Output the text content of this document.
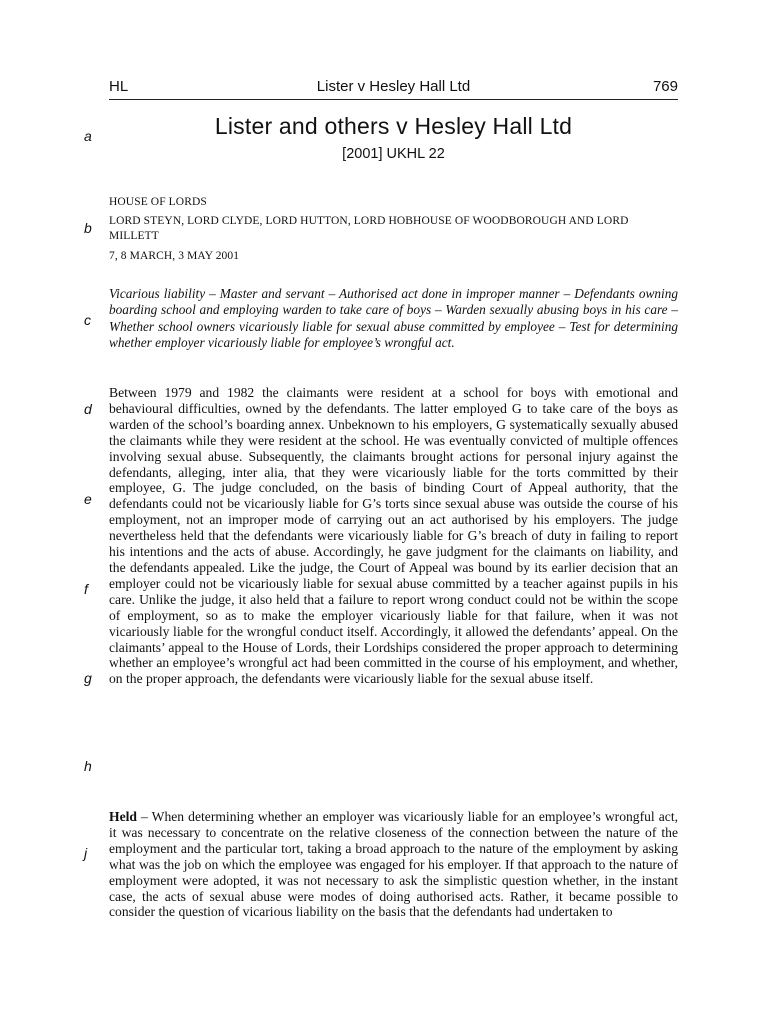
HL	Lister v Hesley Hall Ltd	769
Lister and others v Hesley Hall Ltd
[2001] UKHL 22
HOUSE OF LORDS
LORD STEYN, LORD CLYDE, LORD HUTTON, LORD HOBHOUSE OF WOODBOROUGH AND LORD MILLETT
7, 8 MARCH, 3 MAY 2001
Vicarious liability – Master and servant – Authorised act done in improper manner – Defendants owning boarding school and employing warden to take care of boys – Warden sexually abusing boys in his care – Whether school owners vicariously liable for sexual abuse committed by employee – Test for determining whether employer vicariously liable for employee’s wrongful act.
Between 1979 and 1982 the claimants were resident at a school for boys with emotional and behavioural difficulties, owned by the defendants. The latter employed G to take care of the boys as warden of the school’s boarding annex. Unbeknown to his employers, G systematically sexually abused the claimants while they were resident at the school. He was eventually convicted of multiple offences involving sexual abuse. Subsequently, the claimants brought actions for personal injury against the defendants, alleging, inter alia, that they were vicariously liable for the torts committed by their employee, G. The judge concluded, on the basis of binding Court of Appeal authority, that the defendants could not be vicariously liable for G’s torts since sexual abuse was outside the course of his employment, not an improper mode of carrying out an act authorised by his employers. The judge nevertheless held that the defendants were vicariously liable for G’s breach of duty in failing to report his intentions and the acts of abuse. Accordingly, he gave judgment for the claimants on liability, and the defendants appealed. Like the judge, the Court of Appeal was bound by its earlier decision that an employer could not be vicariously liable for sexual abuse committed by a teacher against pupils in his care. Unlike the judge, it also held that a failure to report wrong conduct could not be within the scope of employment, so as to make the employer vicariously liable for that failure, when it was not vicariously liable for the wrongful conduct itself. Accordingly, it allowed the defendants’ appeal. On the claimants’ appeal to the House of Lords, their Lordships considered the proper approach to determining whether an employee’s wrongful act had been committed in the course of his employment, and whether, on the proper approach, the defendants were vicariously liable for the sexual abuse itself.
Held – When determining whether an employer was vicariously liable for an employee’s wrongful act, it was necessary to concentrate on the relative closeness of the connection between the nature of the employment and the particular tort, taking a broad approach to the nature of the employment by asking what was the job on which the employee was engaged for his employer. If that approach to the nature of employment were adopted, it was not necessary to ask the simplistic question whether, in the instant case, the acts of sexual abuse were modes of doing authorised acts. Rather, it became possible to consider the question of vicarious liability on the basis that the defendants had undertaken to
a
b
c
d
e
f
g
h
j
